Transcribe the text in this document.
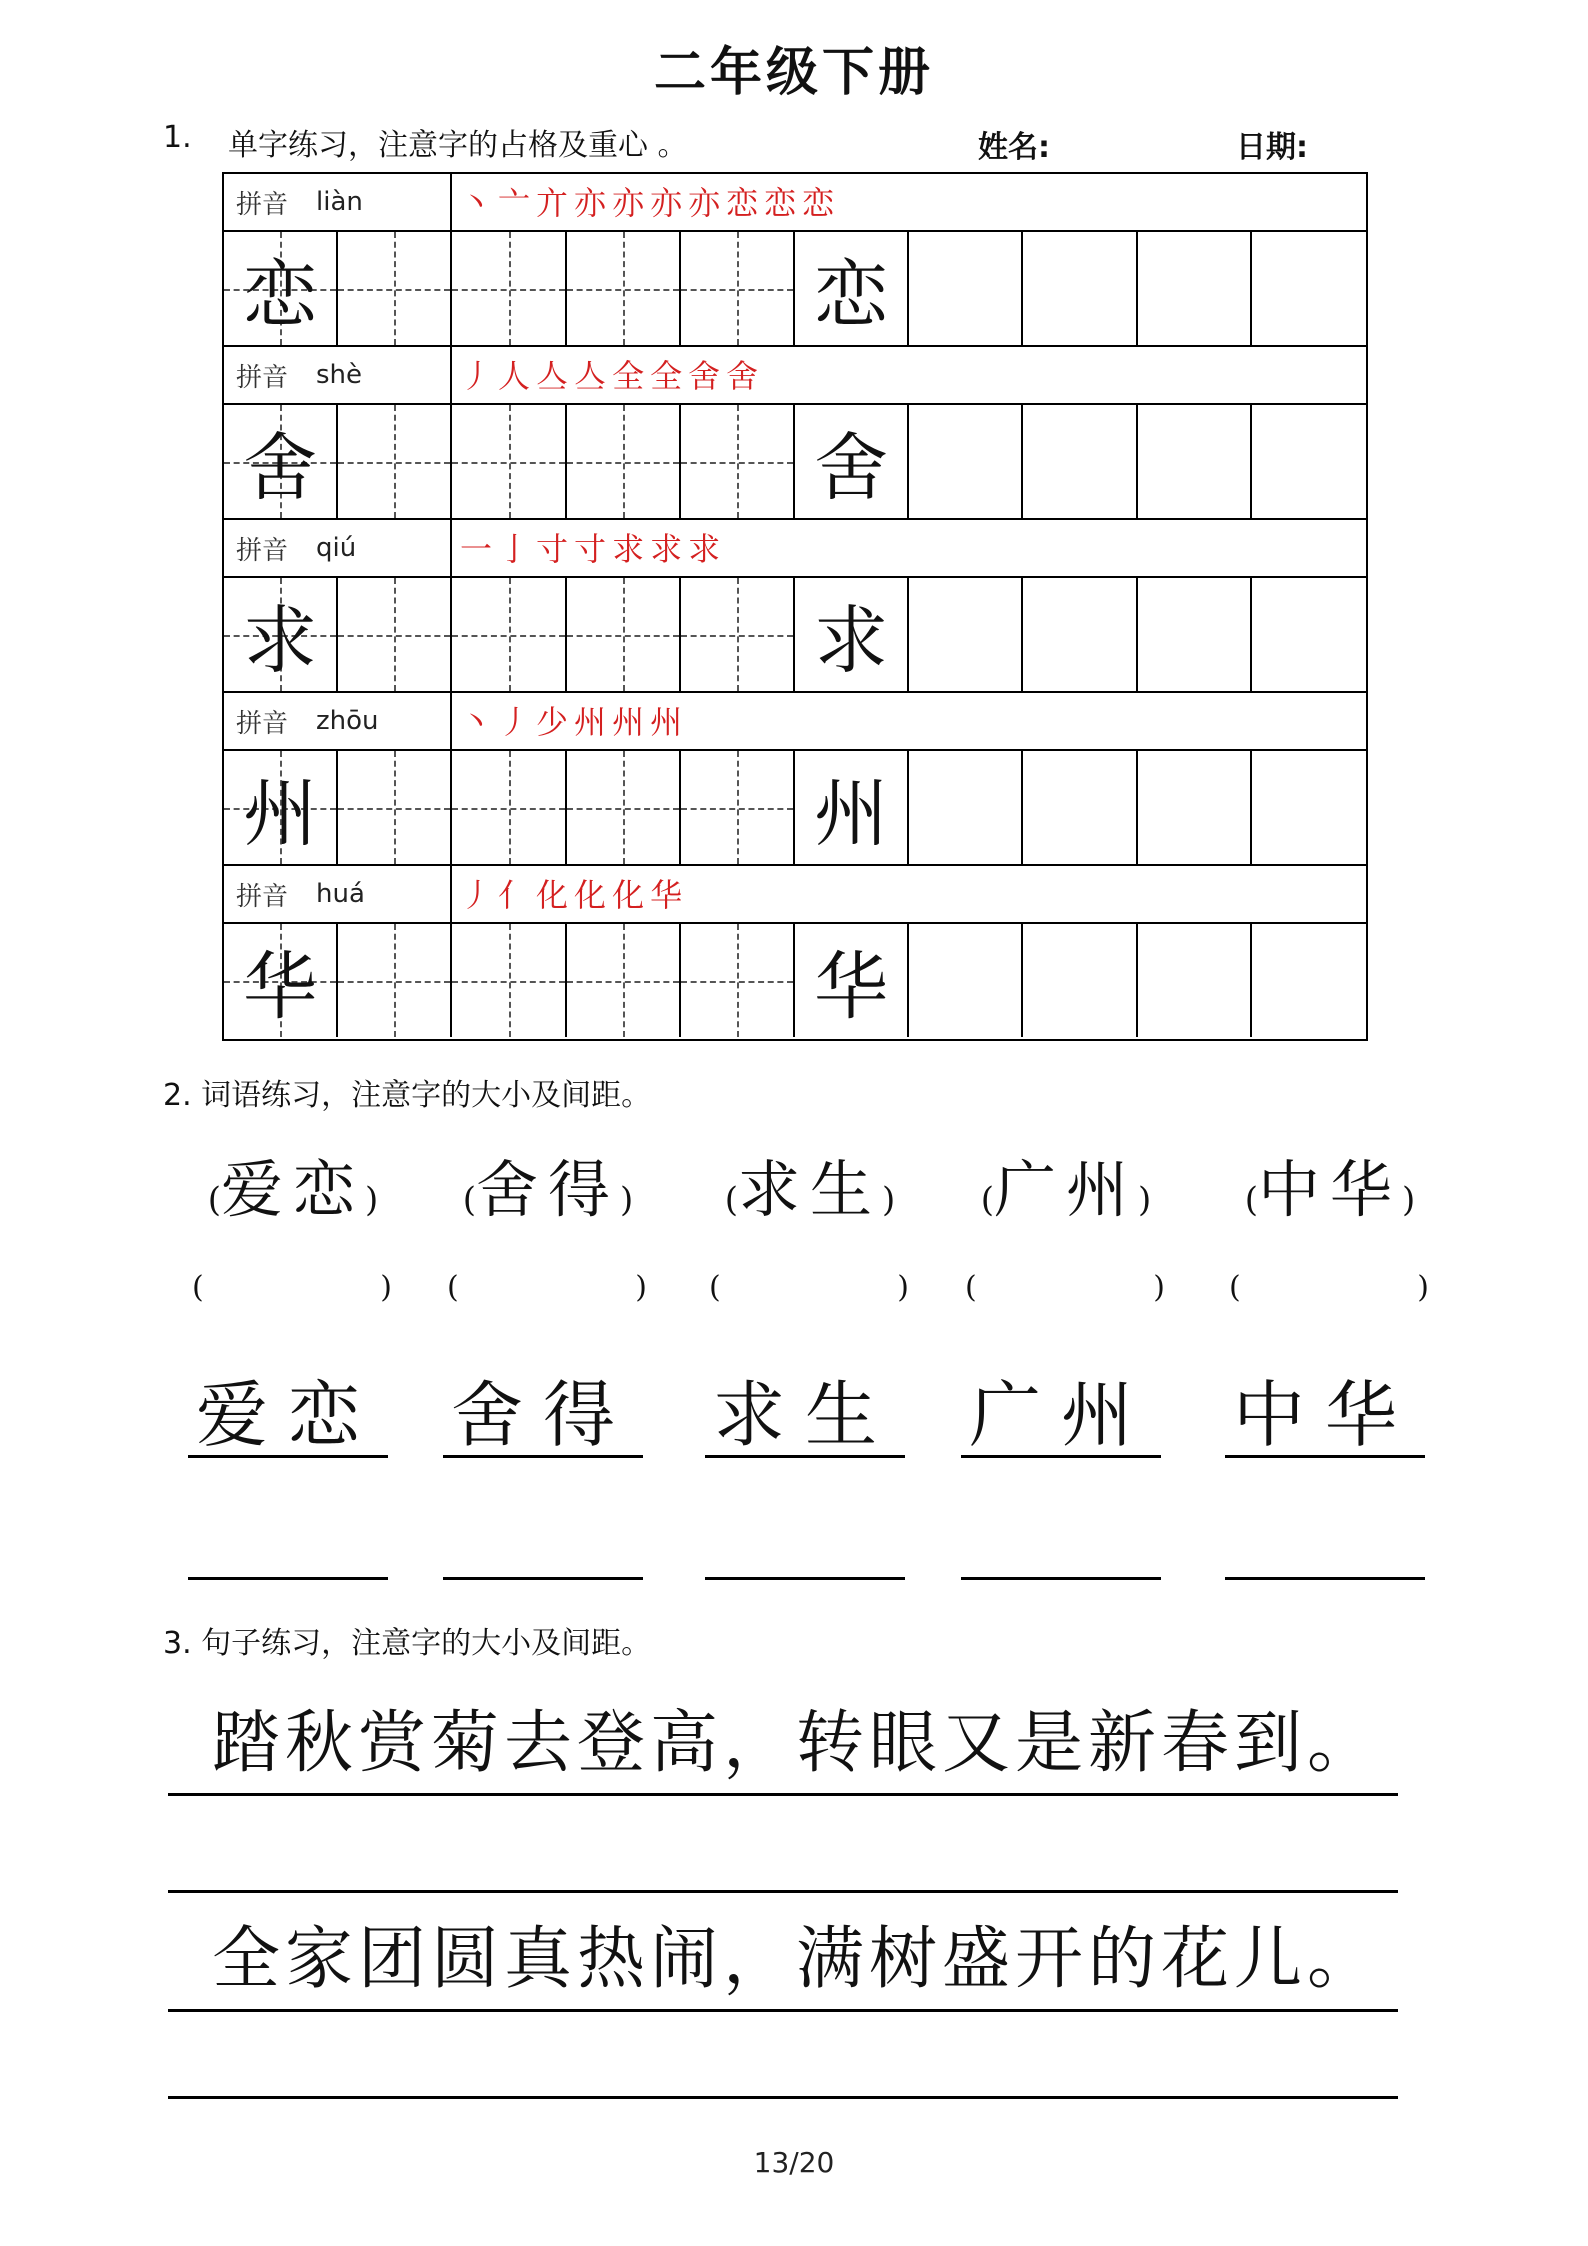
二年级下册
1. 单字练习，注意字的占格及重心 。	姓名:	日期:
拼音 liàn	丶 亠 亣 亦 亦 亦 亦 恋 恋 恋
恋	恋
拼音 shè	丿 人 亼 亼 全 全 舍 舍
舍	舍
拼音 qiú	一 亅 寸 寸 求 求 求
求	求
拼音 zhōu	丶 丿 少 州 州 州
州	州
拼音 huá	丿 亻 化 化 化 华
华	华
2. 词语练习，注意字的大小及间距。
(爱恋)
(	)
爱恋
(舍得)
(	)
舍得
(求生)
(	)
求生
(广州)
(	)
广州
(中华)
(	)
中华
3. 句子练习，注意字的大小及间距。
踏秋赏菊去登高，转眼又是新春到。
全家团圆真热闹，满树盛开的花儿。
13/20
